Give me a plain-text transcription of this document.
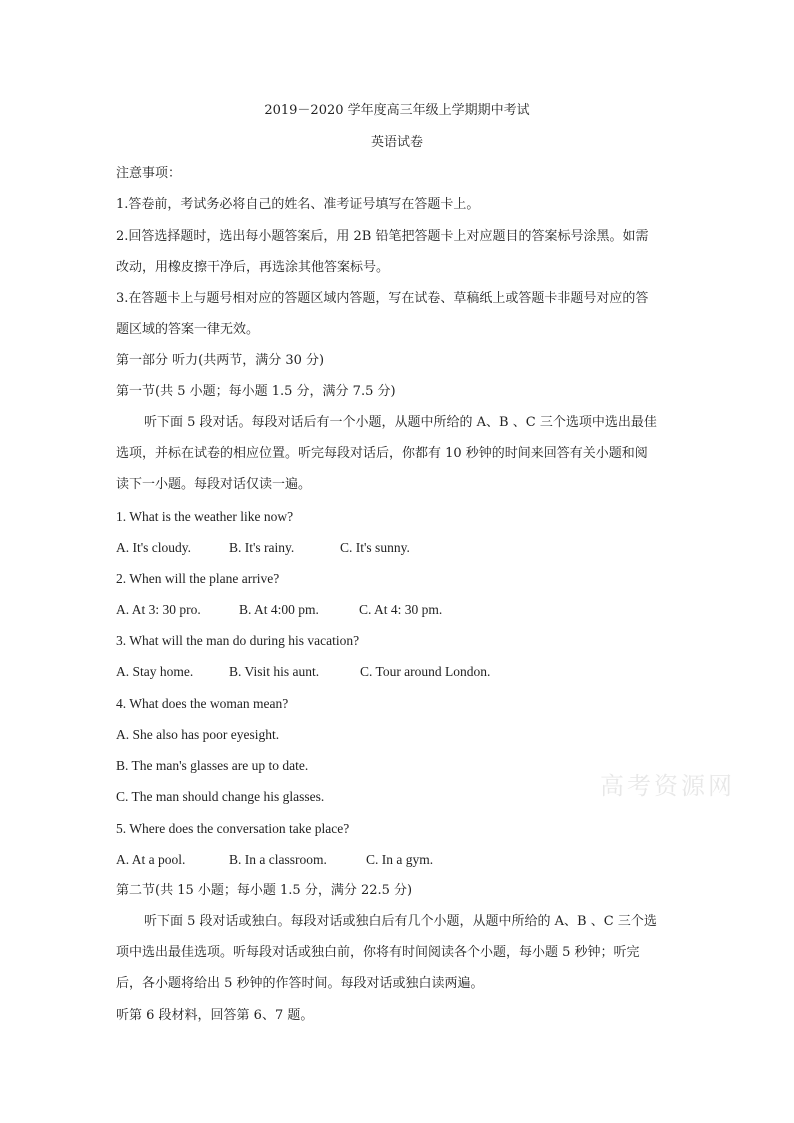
2019－2020 学年度高三年级上学期期中考试
英语试卷
注意事项：
1.答卷前，考试务必将自己的姓名、准考证号填写在答题卡上。
2.回答选择题时，选出每小题答案后，用 2B 铅笔把答题卡上对应题目的答案标号涂黑。如需
改动，用橡皮擦干净后，再选涂其他答案标号。
3.在答题卡上与题号相对应的答题区域内答题，写在试卷、草稿纸上或答题卡非题号对应的答
题区域的答案一律无效。
第一部分 听力(共两节，满分 30 分)
第一节(共 5 小题；每小题 1.5 分，满分 7.5 分)
听下面 5 段对话。每段对话后有一个小题，从题中所给的 A、B 、C 三个选项中选出最佳
选项，并标在试卷的相应位置。听完每段对话后，你都有 10 秒钟的时间来回答有关小题和阅
读下一小题。每段对话仅读一遍。
1. What is the weather like now?
A. It's cloudy.	B. It's rainy.	C. It's sunny.
2. When will the plane arrive?
A. At 3: 30 pro.	B. At 4:00 pm.	C. At 4: 30 pm.
3. What will the man do during his vacation?
A. Stay home.	B. Visit his aunt.	C. Tour around London.
4. What does the woman mean?
A. She also has poor eyesight.
B. The man's glasses are up to date.
C. The man should change his glasses.
5. Where does the conversation take place?
A. At a pool.	B. In a classroom.	C. In a gym.
第二节(共 15 小题；每小题 1.5 分，满分 22.5 分)
听下面 5 段对话或独白。每段对话或独白后有几个小题，从题中所给的 A、B 、C 三个选
项中选出最佳选项。听每段对话或独白前，你将有时间阅读各个小题，每小题 5 秒钟；听完
后，各小题将给出 5 秒钟的作答时间。每段对话或独白读两遍。
听第 6 段材料，回答第 6、7 题。
高考资源网
